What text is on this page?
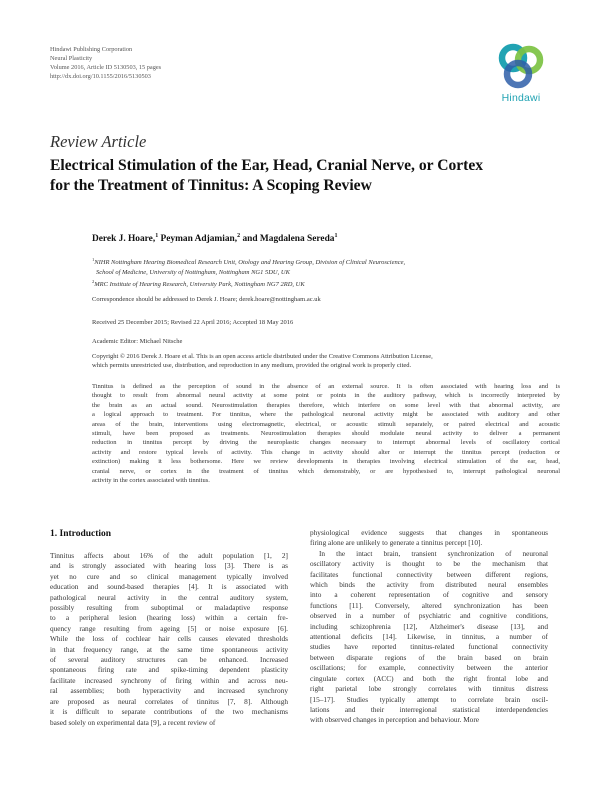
Hindawi Publishing Corporation
Neural Plasticity
Volume 2016, Article ID 5130503, 15 pages
http://dx.doi.org/10.1155/2016/5130503
Hindawi
Review Article
Electrical Stimulation of the Ear, Head, Cranial Nerve, or Cortex
for the Treatment of Tinnitus: A Scoping Review
Derek J. Hoare,$^1$ Peyman Adjamian,$^2$ and Magdalena Sereda$^1$
$^1$NIHR Nottingham Hearing Biomedical Research Unit, Otology and Hearing Group, Division of Clinical Neuroscience,
School of Medicine, University of Nottingham, Nottingham NG1 5DU, UK
$^2$MRC Institute of Hearing Research, University Park, Nottingham NG7 2RD, UK
Correspondence should be addressed to Derek J. Hoare; derek.hoare@nottingham.ac.uk
Received 25 December 2015; Revised 22 April 2016; Accepted 18 May 2016
Academic Editor: Michael Nitsche
Copyright © 2016 Derek J. Hoare et al. This is an open access article distributed under the Creative Commons Attribution License,
which permits unrestricted use, distribution, and reproduction in any medium, provided the original work is properly cited.
Tinnitus is defined as the perception of sound in the absence of an external source. It is often associated with hearing loss and is
thought to result from abnormal neural activity at some point or points in the auditory pathway, which is incorrectly interpreted by
the brain as an actual sound. Neurostimulation therapies therefore, which interfere on some level with that abnormal activity, are
a logical approach to treatment. For tinnitus, where the pathological neuronal activity might be associated with auditory and other
areas of the brain, interventions using electromagnetic, electrical, or acoustic stimuli separately, or paired electrical and acoustic
stimuli, have been proposed as treatments. Neurostimulation therapies should modulate neural activity to deliver a permanent
reduction in tinnitus percept by driving the neuroplastic changes necessary to interrupt abnormal levels of oscillatory cortical
activity and restore typical levels of activity. This change in activity should alter or interrupt the tinnitus percept (reduction or
extinction) making it less bothersome. Here we review developments in therapies involving electrical stimulation of the ear, head,
cranial nerve, or cortex in the treatment of tinnitus which demonstrably, or are hypothesised to, interrupt pathological neuronal
activity in the cortex associated with tinnitus.
1. Introduction
Tinnitus affects about 16% of the adult population [1, 2]
and is strongly associated with hearing loss [3]. There is as
yet no cure and so clinical management typically involved
education and sound-based therapies [4]. It is associated with
pathological neural activity in the central auditory system,
possibly resulting from suboptimal or maladaptive response
to a peripheral lesion (hearing loss) within a certain fre-
quency range resulting from ageing [5] or noise exposure [6].
While the loss of cochlear hair cells causes elevated thresholds
in that frequency range, at the same time spontaneous activity
of several auditory structures can be enhanced. Increased
spontaneous firing rate and spike-timing dependent plasticity
facilitate increased synchrony of firing within and across neu-
ral assemblies; both hyperactivity and increased synchrony
are proposed as neural correlates of tinnitus [7, 8]. Although
it is difficult to separate contributions of the two mechanisms
based solely on experimental data [9], a recent review of
physiological evidence suggests that changes in spontaneous
firing alone are unlikely to generate a tinnitus percept [10].
In the intact brain, transient synchronization of neuronal
oscillatory activity is thought to be the mechanism that
facilitates functional connectivity between different regions,
which binds the activity from distributed neural ensembles
into a coherent representation of cognitive and sensory
functions [11]. Conversely, altered synchronization has been
observed in a number of psychiatric and cognitive conditions,
including schizophrenia [12], Alzheimer's disease [13], and
attentional deficits [14]. Likewise, in tinnitus, a number of
studies have reported tinnitus-related functional connectivity
between disparate regions of the brain based on brain
oscillations; for example, connectivity between the anterior
cingulate cortex (ACC) and both the right frontal lobe and
right parietal lobe strongly correlates with tinnitus distress
[15–17]. Studies typically attempt to correlate brain oscil-
lations and their interregional statistical interdependencies
with observed changes in perception and behaviour. More
